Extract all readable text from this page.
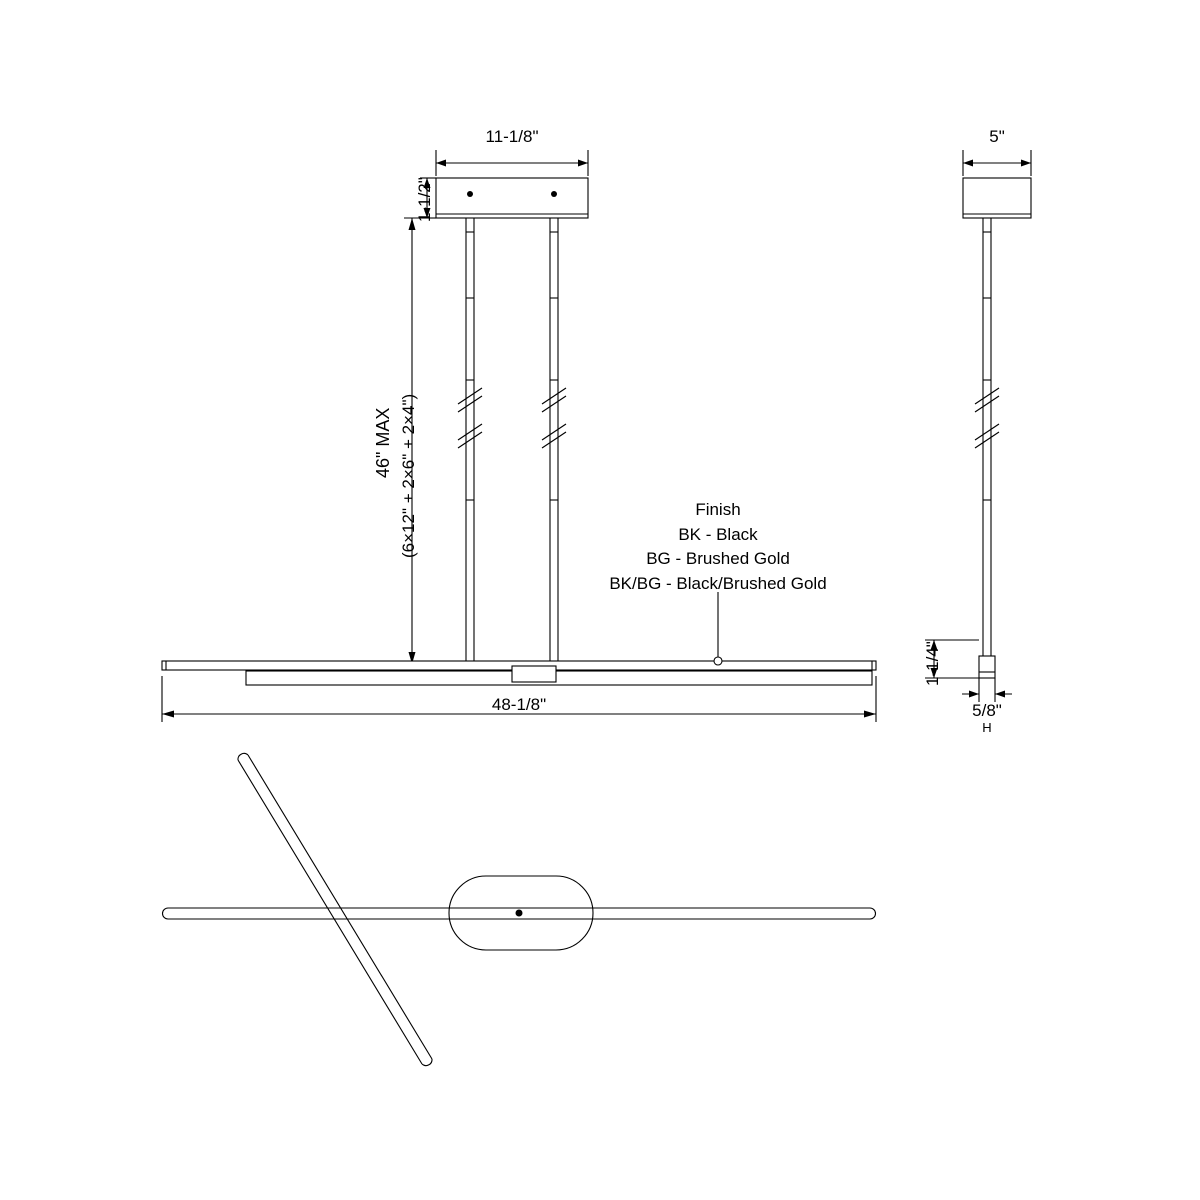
11-1/8"
1-1/2"
46" MAX (6×12" + 2×6" + 2×4")
48-1/8"
5"
1-1/4"
5/8"
H
Finish
BK - Black
BG - Brushed Gold
BK/BG - Black/Brushed Gold
